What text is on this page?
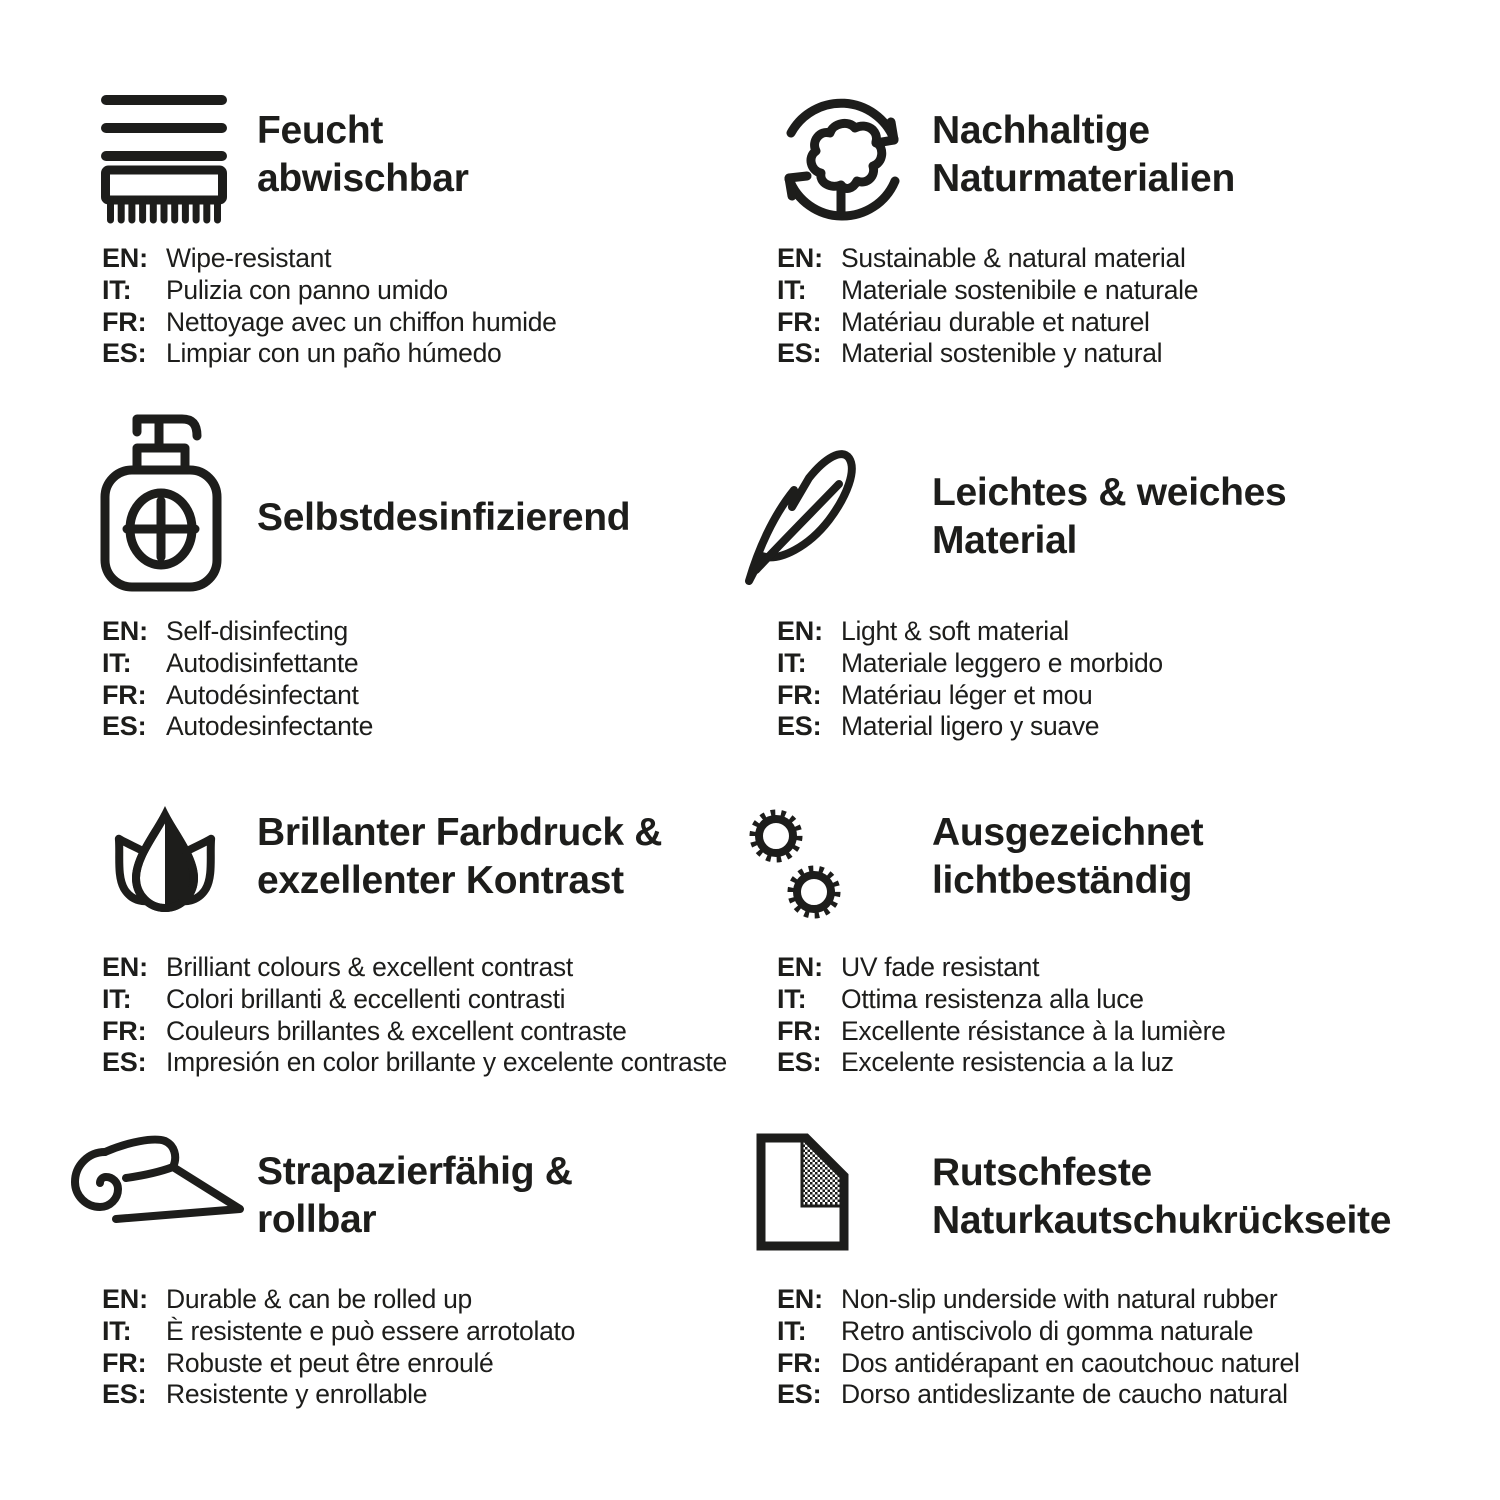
Feucht
abwischbar
EN: Wipe-resistant
IT:	Pulizia con panno umido
FR: Nettoyage avec un chiffon humide
ES: Limpiar con un paño húmedo
Nachhaltige
Naturmaterialien
EN: Sustainable & natural material
IT:	Materiale sostenibile e naturale
FR: Matériau durable et naturel
ES: Material sostenible y natural
Selbstdesinfizierend
EN: Self-disinfecting
IT:	Autodisinfettante
FR: Autodésinfectant
ES: Autodesinfectante
Leichtes & weiches
Material
EN: Light & soft material
IT:	Materiale leggero e morbido
FR: Matériau léger et mou
ES: Material ligero y suave
Brillanter Farbdruck &
exzellenter Kontrast
EN: Brilliant colours & excellent contrast
IT:	Colori brillanti & eccellenti contrasti
FR: Couleurs brillantes & excellent contraste
ES: Impresión en color brillante y excelente contraste
Ausgezeichnet
lichtbeständig
EN: UV fade resistant
IT:	Ottima resistenza alla luce
FR: Excellente résistance à la lumière
ES: Excelente resistencia a la luz
Strapazierfähig &
rollbar
EN: Durable & can be rolled up
IT:	È resistente e può essere arrotolato
FR: Robuste et peut être enroulé
ES: Resistente y enrollable
Rutschfeste
Naturkautschukrückseite
EN: Non-slip underside with natural rubber
IT:	Retro antiscivolo di gomma naturale
FR: Dos antidérapant en caoutchouc naturel
ES: Dorso antideslizante de caucho natural
